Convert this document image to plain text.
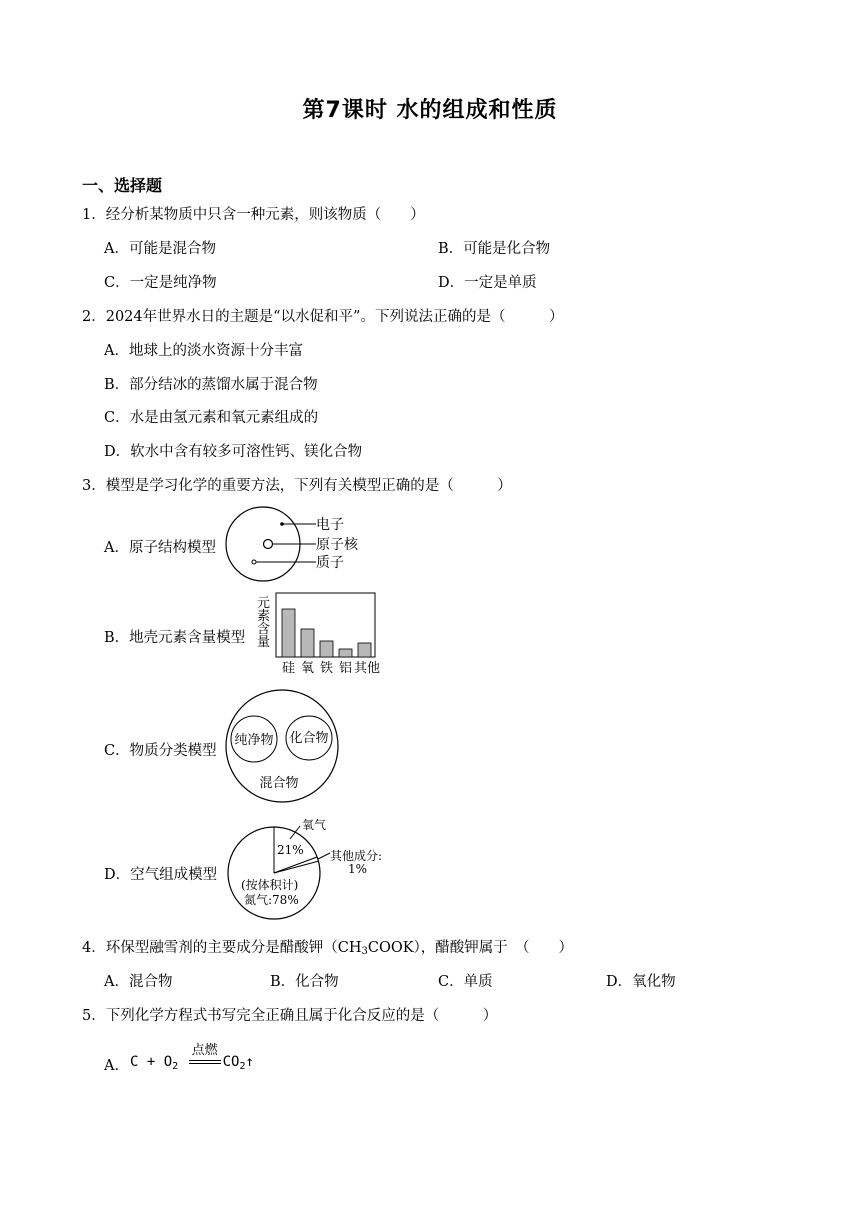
第7课时 水的组成和性质
一、选择题
1．经分析某物质中只含一种元素，则该物质（　　）
A．可能是混合物	B．可能是化合物
C．一定是纯净物	D．一定是单质
2．2024年世界水日的主题是“以水促和平”。下列说法正确的是（　　　）
A．地球上的淡水资源十分丰富
B．部分结冰的蒸馏水属于混合物
C．水是由氢元素和氧元素组成的
D．软水中含有较多可溶性钙、镁化合物
3．模型是学习化学的重要方法，下列有关模型正确的是（　　　）
A．原子结构模型
电子
原子核
质子
B．地壳元素含量模型
元
素
含
量
硅 氧 铁 铝 其他
C．物质分类模型
纯净物 化合物
混合物
D．空气组成模型
氧气
21% 其他成分:
1%
(按体积计)
氮气:78%
4．环保型融雪剂的主要成分是醋酸钾（CH3COOK），醋酸钾属于　（　　）
A．混合物	B．化合物	C．单质	D．氧化物
5．下列化学方程式书写完全正确且属于化合反应的是（　　　）
A． $C + O_2$
点燃
$CO_2↑$
